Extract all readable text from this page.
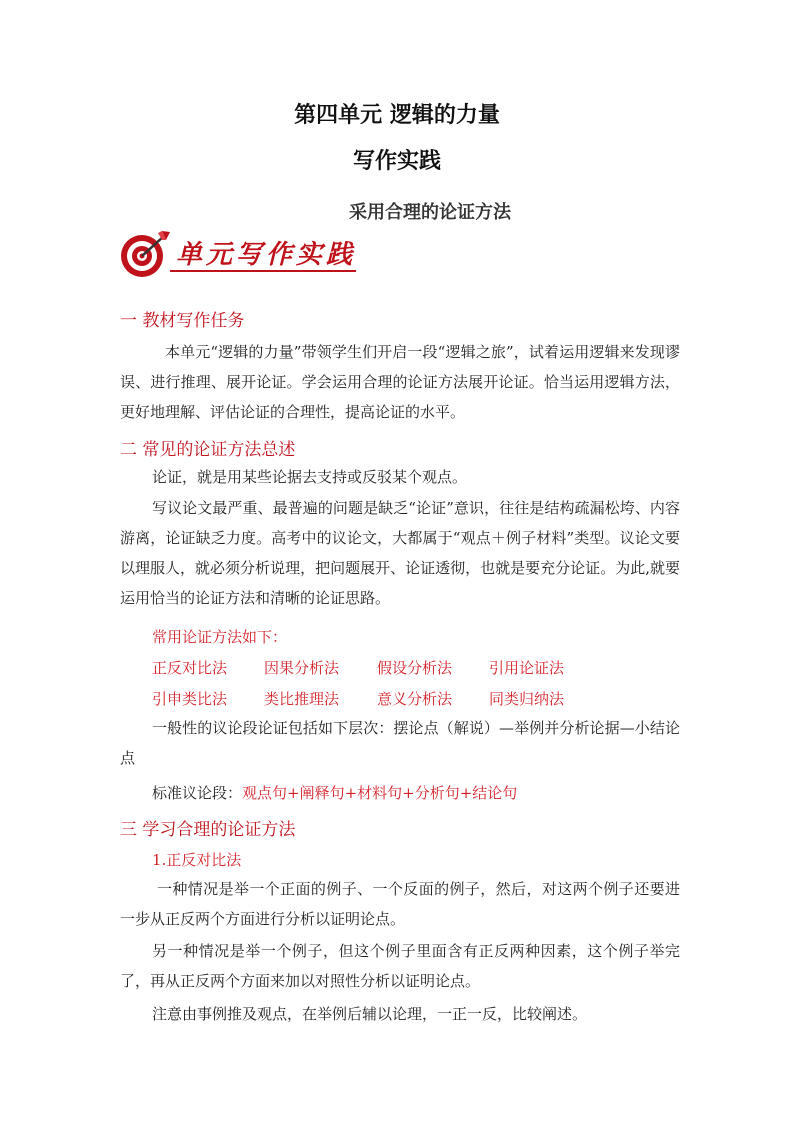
第四单元 逻辑的力量
写作实践
采用合理的论证方法
单元写作实践
一 教材写作任务
本单元“逻辑的力量”带领学生们开启一段“逻辑之旅”，试着运用逻辑来发现谬误、进行推理、展开论证。学会运用合理的论证方法展开论证。恰当运用逻辑方法，更好地理解、评估论证的合理性，提高论证的水平。
二 常见的论证方法总述
论证，就是用某些论据去支持或反驳某个观点。
写议论文最严重、最普遍的问题是缺乏“论证”意识，往往是结构疏漏松垮、内容游离，论证缺乏力度。高考中的议论文，大都属于“观点＋例子材料”类型。议论文要以理服人，就必须分析说理，把问题展开、论证透彻，也就是要充分论证。为此,就要运用恰当的论证方法和清晰的论证思路。
常用论证方法如下：
正反对比法 因果分析法	假设分析法 引用论证法
引申类比法 类比推理法	意义分析法 同类归纳法
一般性的议论段论证包括如下层次：摆论点（解说）—举例并分析论据—小结论点
标准议论段：观点句+阐释句+材料句+分析句+结论句
三 学习合理的论证方法
1.正反对比法
一种情况是举一个正面的例子、一个反面的例子，然后，对这两个例子还要进一步从正反两个方面进行分析以证明论点。
另一种情况是举一个例子，但这个例子里面含有正反两种因素，这个例子举完了，再从正反两个方面来加以对照性分析以证明论点。
注意由事例推及观点，在举例后辅以论理，一正一反，比较阐述。
